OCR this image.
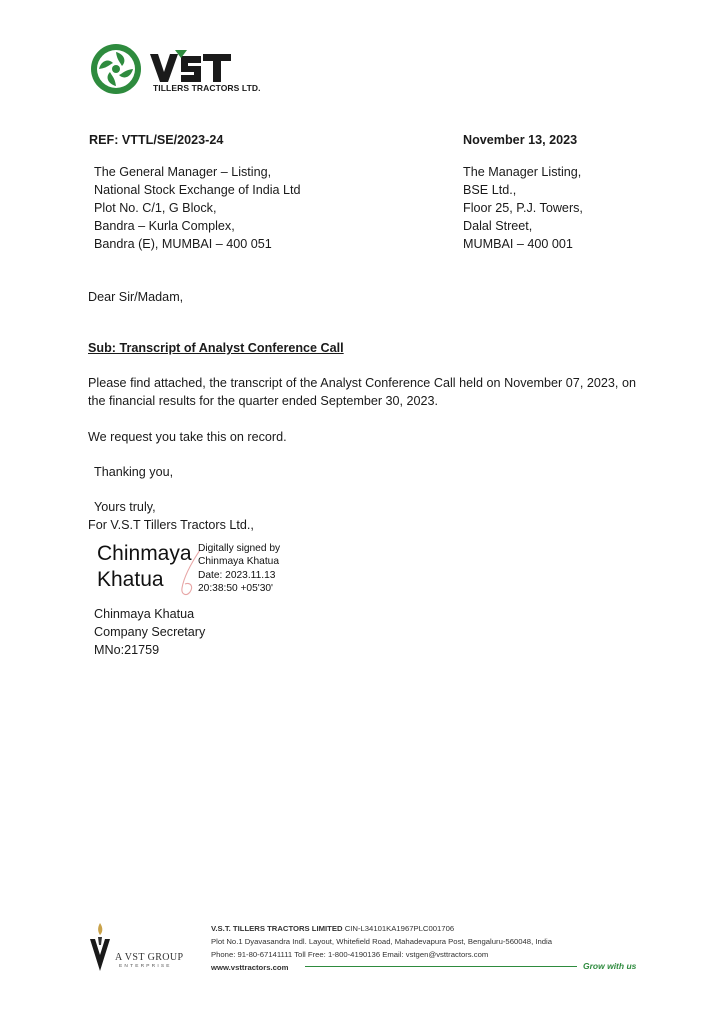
TILLERS TRACTORS LTD.
REF: VTTL/SE/2023-24	November 13, 2023
The General Manager – Listing,
National Stock Exchange of India Ltd
Plot No. C/1, G Block,
Bandra – Kurla Complex,
Bandra (E), MUMBAI – 400 051
The Manager Listing,
BSE Ltd.,
Floor 25, P.J. Towers,
Dalal Street,
MUMBAI – 400 001
Dear Sir/Madam,
Sub: Transcript of Analyst Conference Call
Please find attached, the transcript of the Analyst Conference Call held on November 07, 2023, on the financial results for the quarter ended September 30, 2023.
We request you take this on record.
Thanking you,
Yours truly,
For V.S.T Tillers Tractors Ltd.,
Chinmaya
Khatua
Digitally signed by
Chinmaya Khatua
Date: 2023.11.13
20:38:50 +05'30'
Chinmaya Khatua
Company Secretary
MNo:21759
A VST GROUP
ENTERPRISE
V.S.T. TILLERS TRACTORS LIMITED CIN-L34101KA1967PLC001706
Plot No.1 Dyavasandra Indl. Layout, Whitefield Road, Mahadevapura Post, Bengaluru-560048, India
Phone: 91-80-67141111 Toll Free: 1-800-4190136 Email: vstgen@vsttractors.com
www.vsttractors.com	Grow with us
